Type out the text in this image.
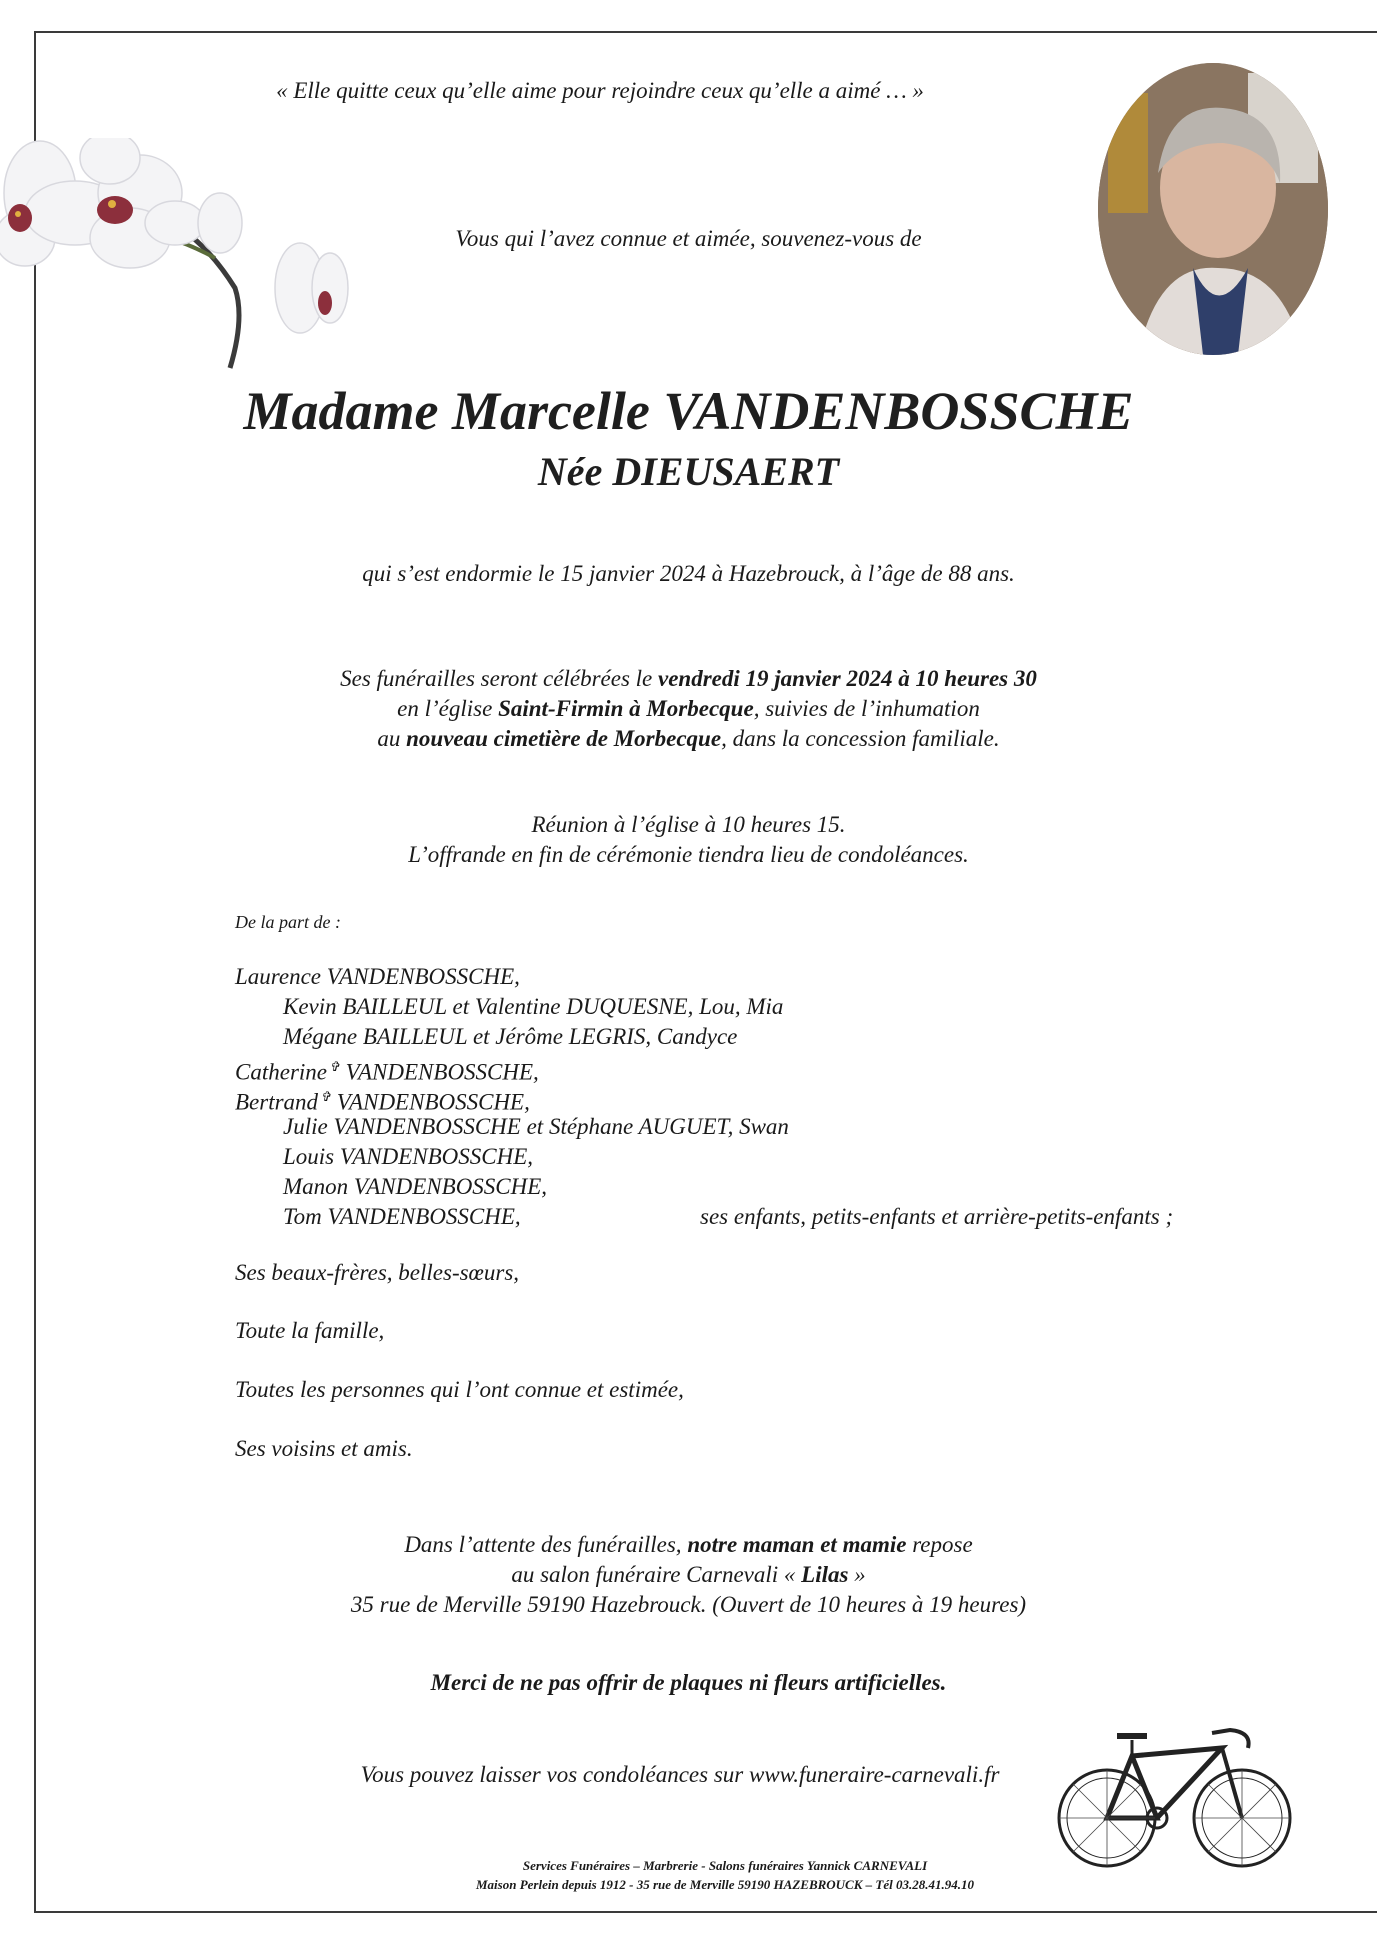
« Elle quitte ceux qu’elle aime pour rejoindre ceux qu’elle a aimé … »
Vous qui l’avez connue et aimée, souvenez-vous de
Madame Marcelle VANDENBOSSCHE
Née DIEUSAERT
qui s’est endormie le 15 janvier 2024 à Hazebrouck, à l’âge de 88 ans.
Ses funérailles seront célébrées le vendredi 19 janvier 2024 à 10 heures 30
en l’église Saint-Firmin à Morbecque, suivies de l’inhumation
au nouveau cimetière de Morbecque, dans la concession familiale.
Réunion à l’église à 10 heures 15.
L’offrande en fin de cérémonie tiendra lieu de condoléances.
De la part de :
Laurence VANDENBOSSCHE,
Kevin BAILLEUL et Valentine DUQUESNE, Lou, Mia
Mégane BAILLEUL et Jérôme LEGRIS, Candyce
Catherine ✞ VANDENBOSSCHE,
Bertrand ✞ VANDENBOSSCHE,
Julie VANDENBOSSCHE et Stéphane AUGUET, Swan
Louis VANDENBOSSCHE,
Manon VANDENBOSSCHE,
Tom VANDENBOSSCHE,	ses enfants, petits-enfants et arrière-petits-enfants ;
Ses beaux-frères, belles-sœurs,
Toute la famille,
Toutes les personnes qui l’ont connue et estimée,
Ses voisins et amis.
Dans l’attente des funérailles, notre maman et mamie repose
au salon funéraire Carnevali « Lilas »
35 rue de Merville 59190 Hazebrouck. (Ouvert de 10 heures à 19 heures)
Merci de ne pas offrir de plaques ni fleurs artificielles.
Vous pouvez laisser vos condoléances sur www.funeraire-carnevali.fr
Services Funéraires – Marbrerie - Salons funéraires Yannick CARNEVALI
Maison Perlein depuis 1912 - 35 rue de Merville 59190 HAZEBROUCK – Tél 03.28.41.94.10
